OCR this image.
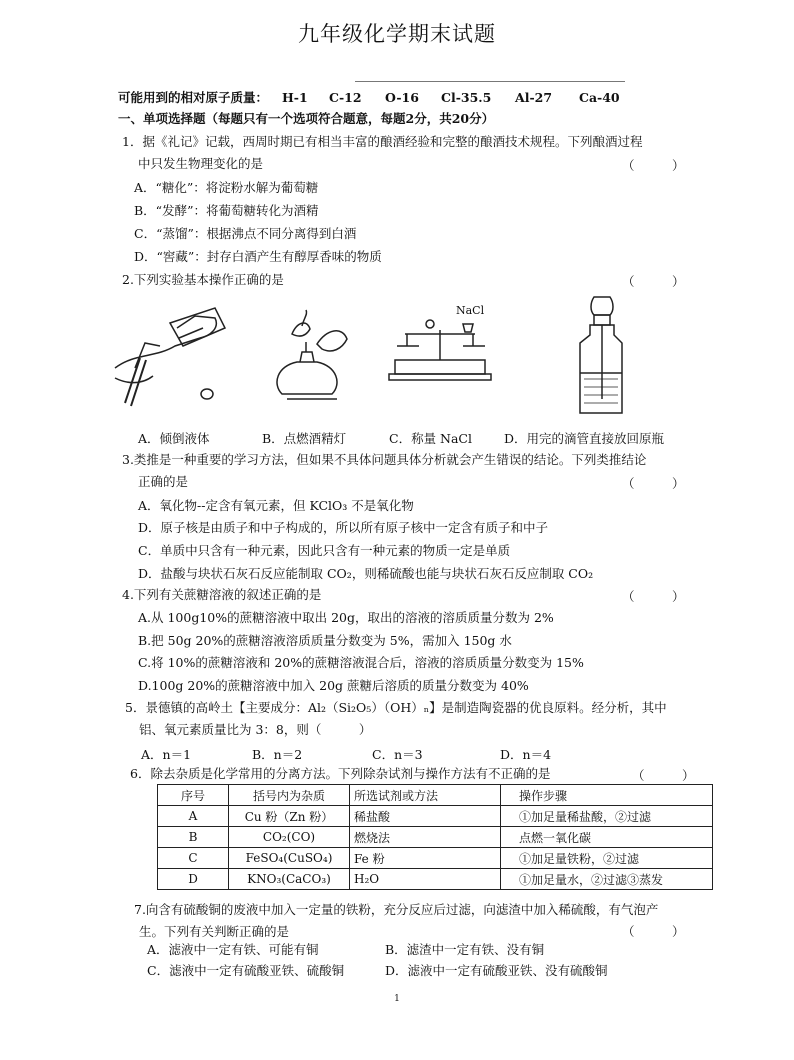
九年级化学期末试题
可能用到的相对原子质量： H-1 C-12 O-16 Cl-35.5 Al-27 Ca-40
一、单项选择题（每题只有一个选项符合题意，每题2分，共20分）
1．据《礼记》记载，西周时期已有相当丰富的酿酒经验和完整的酿酒技术规程。下列酿酒过程
中只发生物理变化的是	（　　　）
A．“糖化”：将淀粉水解为葡萄糖
B．“发酵”：将葡萄糖转化为酒精
C．“蒸馏”：根据沸点不同分离得到白酒
D．“窖藏”：封存白酒产生有醇厚香味的物质
2.下列实验基本操作正确的是	（　　　）
NaCl
A．倾倒液体	B．点燃酒精灯	C．称量 NaCl	D．用完的滴管直接放回原瓶
3.类推是一种重要的学习方法，但如果不具体问题具体分析就会产生错误的结论。下列类推结论
正确的是	（　　　）
A．氧化物--定含有氧元素，但 KClO₃ 不是氧化物
D．原子核是由质子和中子构成的，所以所有原子核中一定含有质子和中子
C．单质中只含有一种元素，因此只含有一种元素的物质一定是单质
D．盐酸与块状石灰石反应能制取 CO₂，则稀硫酸也能与块状石灰石反应制取 CO₂
4.下列有关蔗糖溶液的叙述正确的是	（　　　）
A.从 100g10%的蔗糖溶液中取出 20g，取出的溶液的溶质质量分数为 2%
B.把 50g 20%的蔗糖溶液溶质质量分数变为 5%，需加入 150g 水
C.将 10%的蔗糖溶液和 20%的蔗糖溶液混合后，溶液的溶质质量分数变为 15%
D.100g 20%的蔗糖溶液中加入 20g 蔗糖后溶质的质量分数变为 40%
5．景德镇的高岭土【主要成分：Al₂（Si₂O₅）（OH）ₙ】是制造陶瓷器的优良原料。经分析，其中
铝、氧元素质量比为 3：8，则（　　　）
A．n＝1	B．n＝2	C．n＝3	D．n＝4
6．除去杂质是化学常用的分离方法。下列除杂试剂与操作方法有不正确的是	（　　　）
序号	括号内为杂质	所选试剂或方法	操作步骤
A	Cu 粉（Zn 粉）	稀盐酸	①加足量稀盐酸，②过滤
B	CO₂(CO)	燃烧法	点燃一氧化碳
C	FeSO₄(CuSO₄)	Fe 粉	①加足量铁粉，②过滤
D	KNO₃(CaCO₃)	H₂O	①加足量水，②过滤③蒸发
7.向含有硫酸铜的废液中加入一定量的铁粉，充分反应后过滤，向滤渣中加入稀硫酸，有气泡产
生。下列有关判断正确的是	（　　　）
A．滤液中一定有铁、可能有铜	B．滤渣中一定有铁、没有铜
C．滤液中一定有硫酸亚铁、硫酸铜	D．滤液中一定有硫酸亚铁、没有硫酸铜
1
